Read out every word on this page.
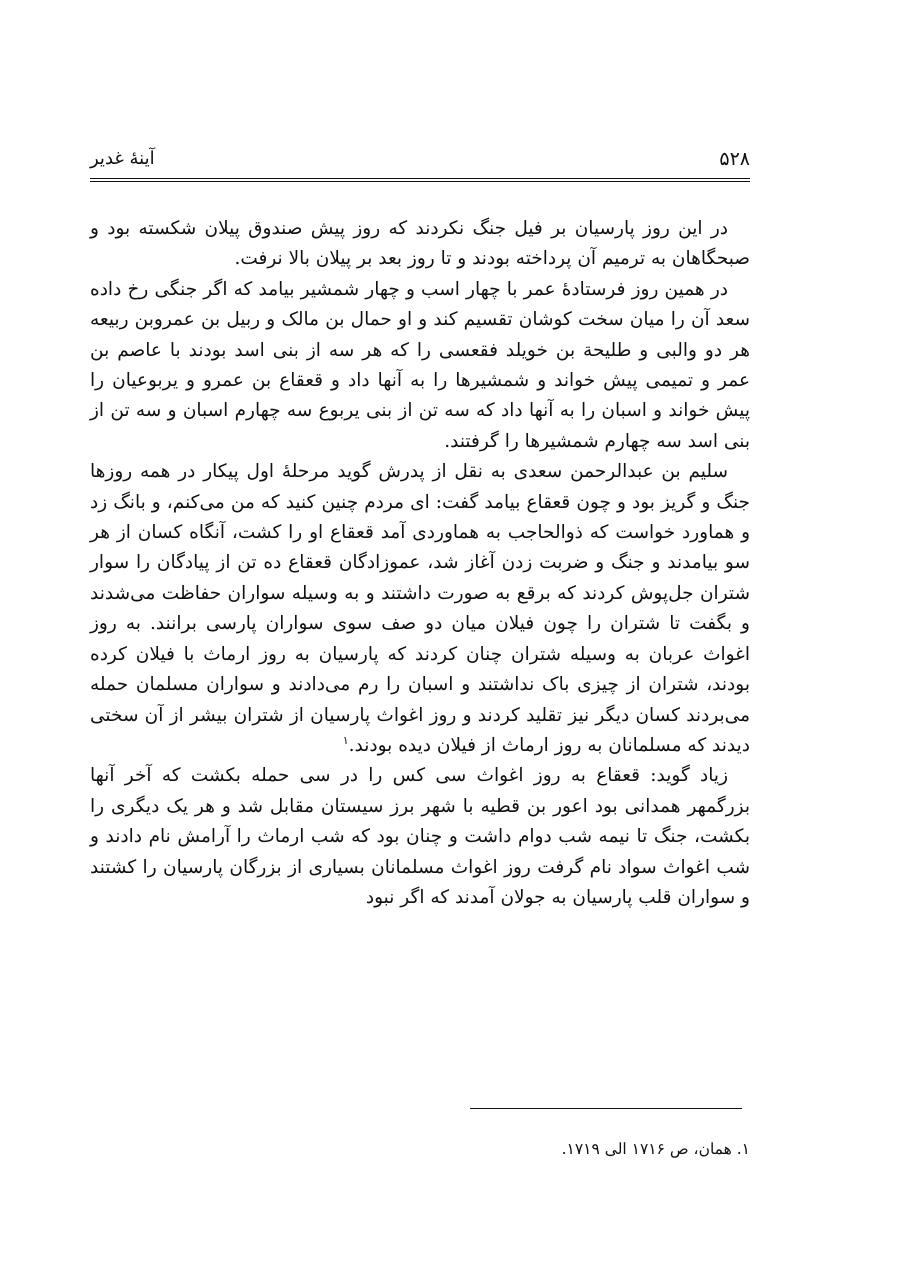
۵۲۸
آینهٔ غدیر

در این روز پارسیان بر فیل جنگ نکردند که روز پیش صندوق پیلان شکسته بود و صبحگاهان به ترمیم آن پرداخته بودند و تا روز بعد بر پیلان بالا نرفت.

در همین روز فرستادهٔ عمر با چهار اسب و چهار شمشیر بیامد که اگر جنگی رخ داده سعد آن را میان سخت کوشان تقسیم کند و او حمال بن مالک و ربیل بن عمروبن ربیعه هر دو والبی و طلیحة بن خویلد فقعسی را که هر سه از بنی اسد بودند با عاصم بن عمر و تمیمی پیش خواند و شمشیرها را به آنها داد و قعقاع بن عمرو و یربوعیان را پیش خواند و اسبان را به آنها داد که سه تن از بنی یربوع سه چهارم اسبان و سه تن از بنی اسد سه چهارم شمشیرها را گرفتند.

سلیم بن عبدالرحمن سعدی به نقل از پدرش گوید مرحلهٔ اول پیکار در همه روزها جنگ و گریز بود و چون قعقاع بیامد گفت: ای مردم چنین کنید که من می‌کنم، و بانگ زد و هماورد خواست که ذوالحاجب به هماوردی آمد قعقاع او را کشت، آنگاه کسان از هر سو بیامدند و جنگ و ضربت زدن آغاز شد، عموزادگان قعقاع ده تن از پیادگان را سوار شتران جل‌پوش کردند که برقع به صورت داشتند و به وسیله سواران حفاظت می‌شدند و بگفت تا شتران را چون فیلان میان دو صف سوی سواران پارسی برانند. به روز اغواث عربان به وسیله شتران چنان کردند که پارسیان به روز ارماث با فیلان کرده بودند، شتران از چیزی باک نداشتند و اسبان را رم می‌دادند و سواران مسلمان حمله می‌بردند کسان دیگر نیز تقلید کردند و روز اغواث پارسیان از شتران بیشر از آن سختی دیدند که مسلمانان به روز ارماث از فیلان دیده بودند.$^۱$

زیاد گوید: قعقاع به روز اغواث سی کس را در سی حمله بکشت که آخر آنها بزرگمهر همدانی بود اعور بن قطیه با شهر برز سیستان مقابل شد و هر یک دیگری را بکشت، جنگ تا نیمه شب دوام داشت و چنان بود که شب ارماث را آرامش نام دادند و شب اغواث سواد نام گرفت روز اغواث مسلمانان بسیاری از بزرگان پارسیان را کشتند و سواران قلب پارسیان به جولان آمدند که اگر نبود

۱. همان، ص ۱۷۱۶ الی ۱۷۱۹.
